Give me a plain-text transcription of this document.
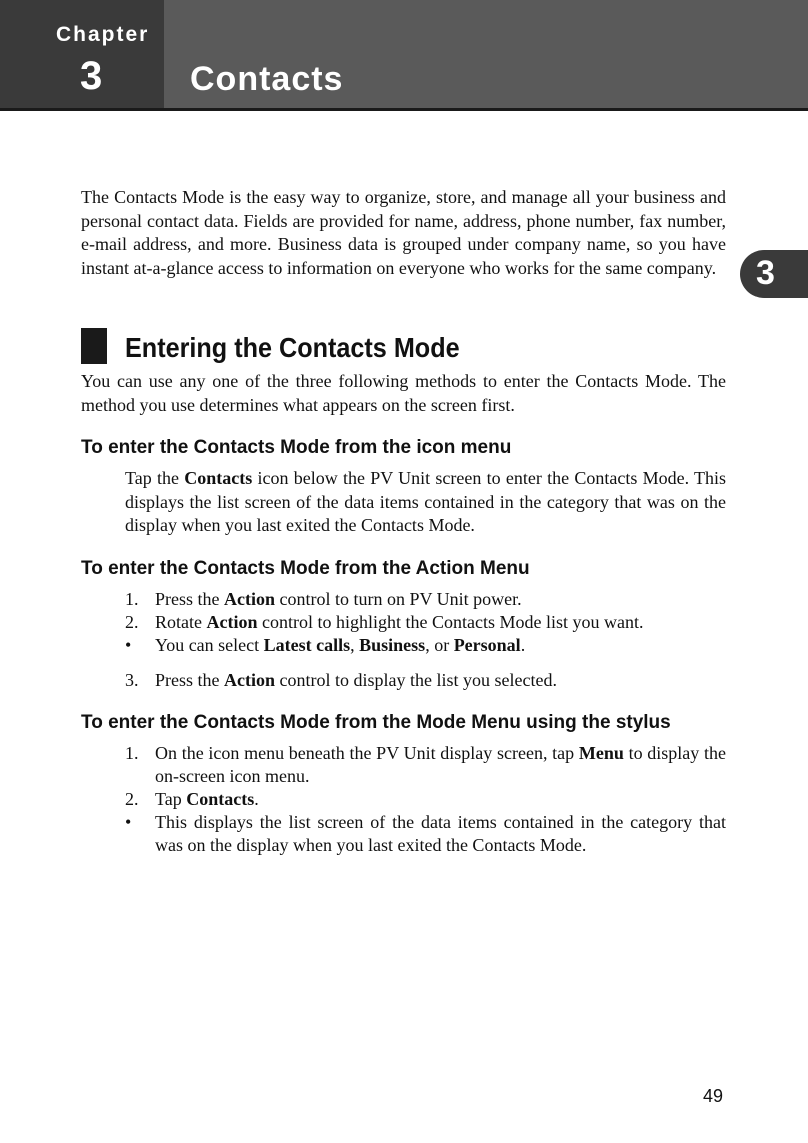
Chapter
3	Contacts
3

The Contacts Mode is the easy way to organize, store, and manage all your business and personal contact data. Fields are provided for name, address, phone number, fax number, e-mail address, and more. Business data is grouped under company name, so you have instant at-a-glance access to information on everyone who works for the same company.

Entering the Contacts Mode

You can use any one of the three following methods to enter the Contacts Mode. The method you use determines what appears on the screen first.

To enter the Contacts Mode from the icon menu

Tap the Contacts icon below the PV Unit screen to enter the Contacts Mode. This displays the list screen of the data items contained in the category that was on the display when you last exited the Contacts Mode.

To enter the Contacts Mode from the Action Menu
1. Press the Action control to turn on PV Unit power.
2. Rotate Action control to highlight the Contacts Mode list you want.
• You can select Latest calls, Business, or Personal.
3. Press the Action control to display the list you selected.
To enter the Contacts Mode from the Mode Menu using the stylus
1. On the icon menu beneath the PV Unit display screen, tap Menu to display the on-screen icon menu.
2. Tap Contacts.
• This displays the list screen of the data items contained in the category that was on the display when you last exited the Contacts Mode.
49
